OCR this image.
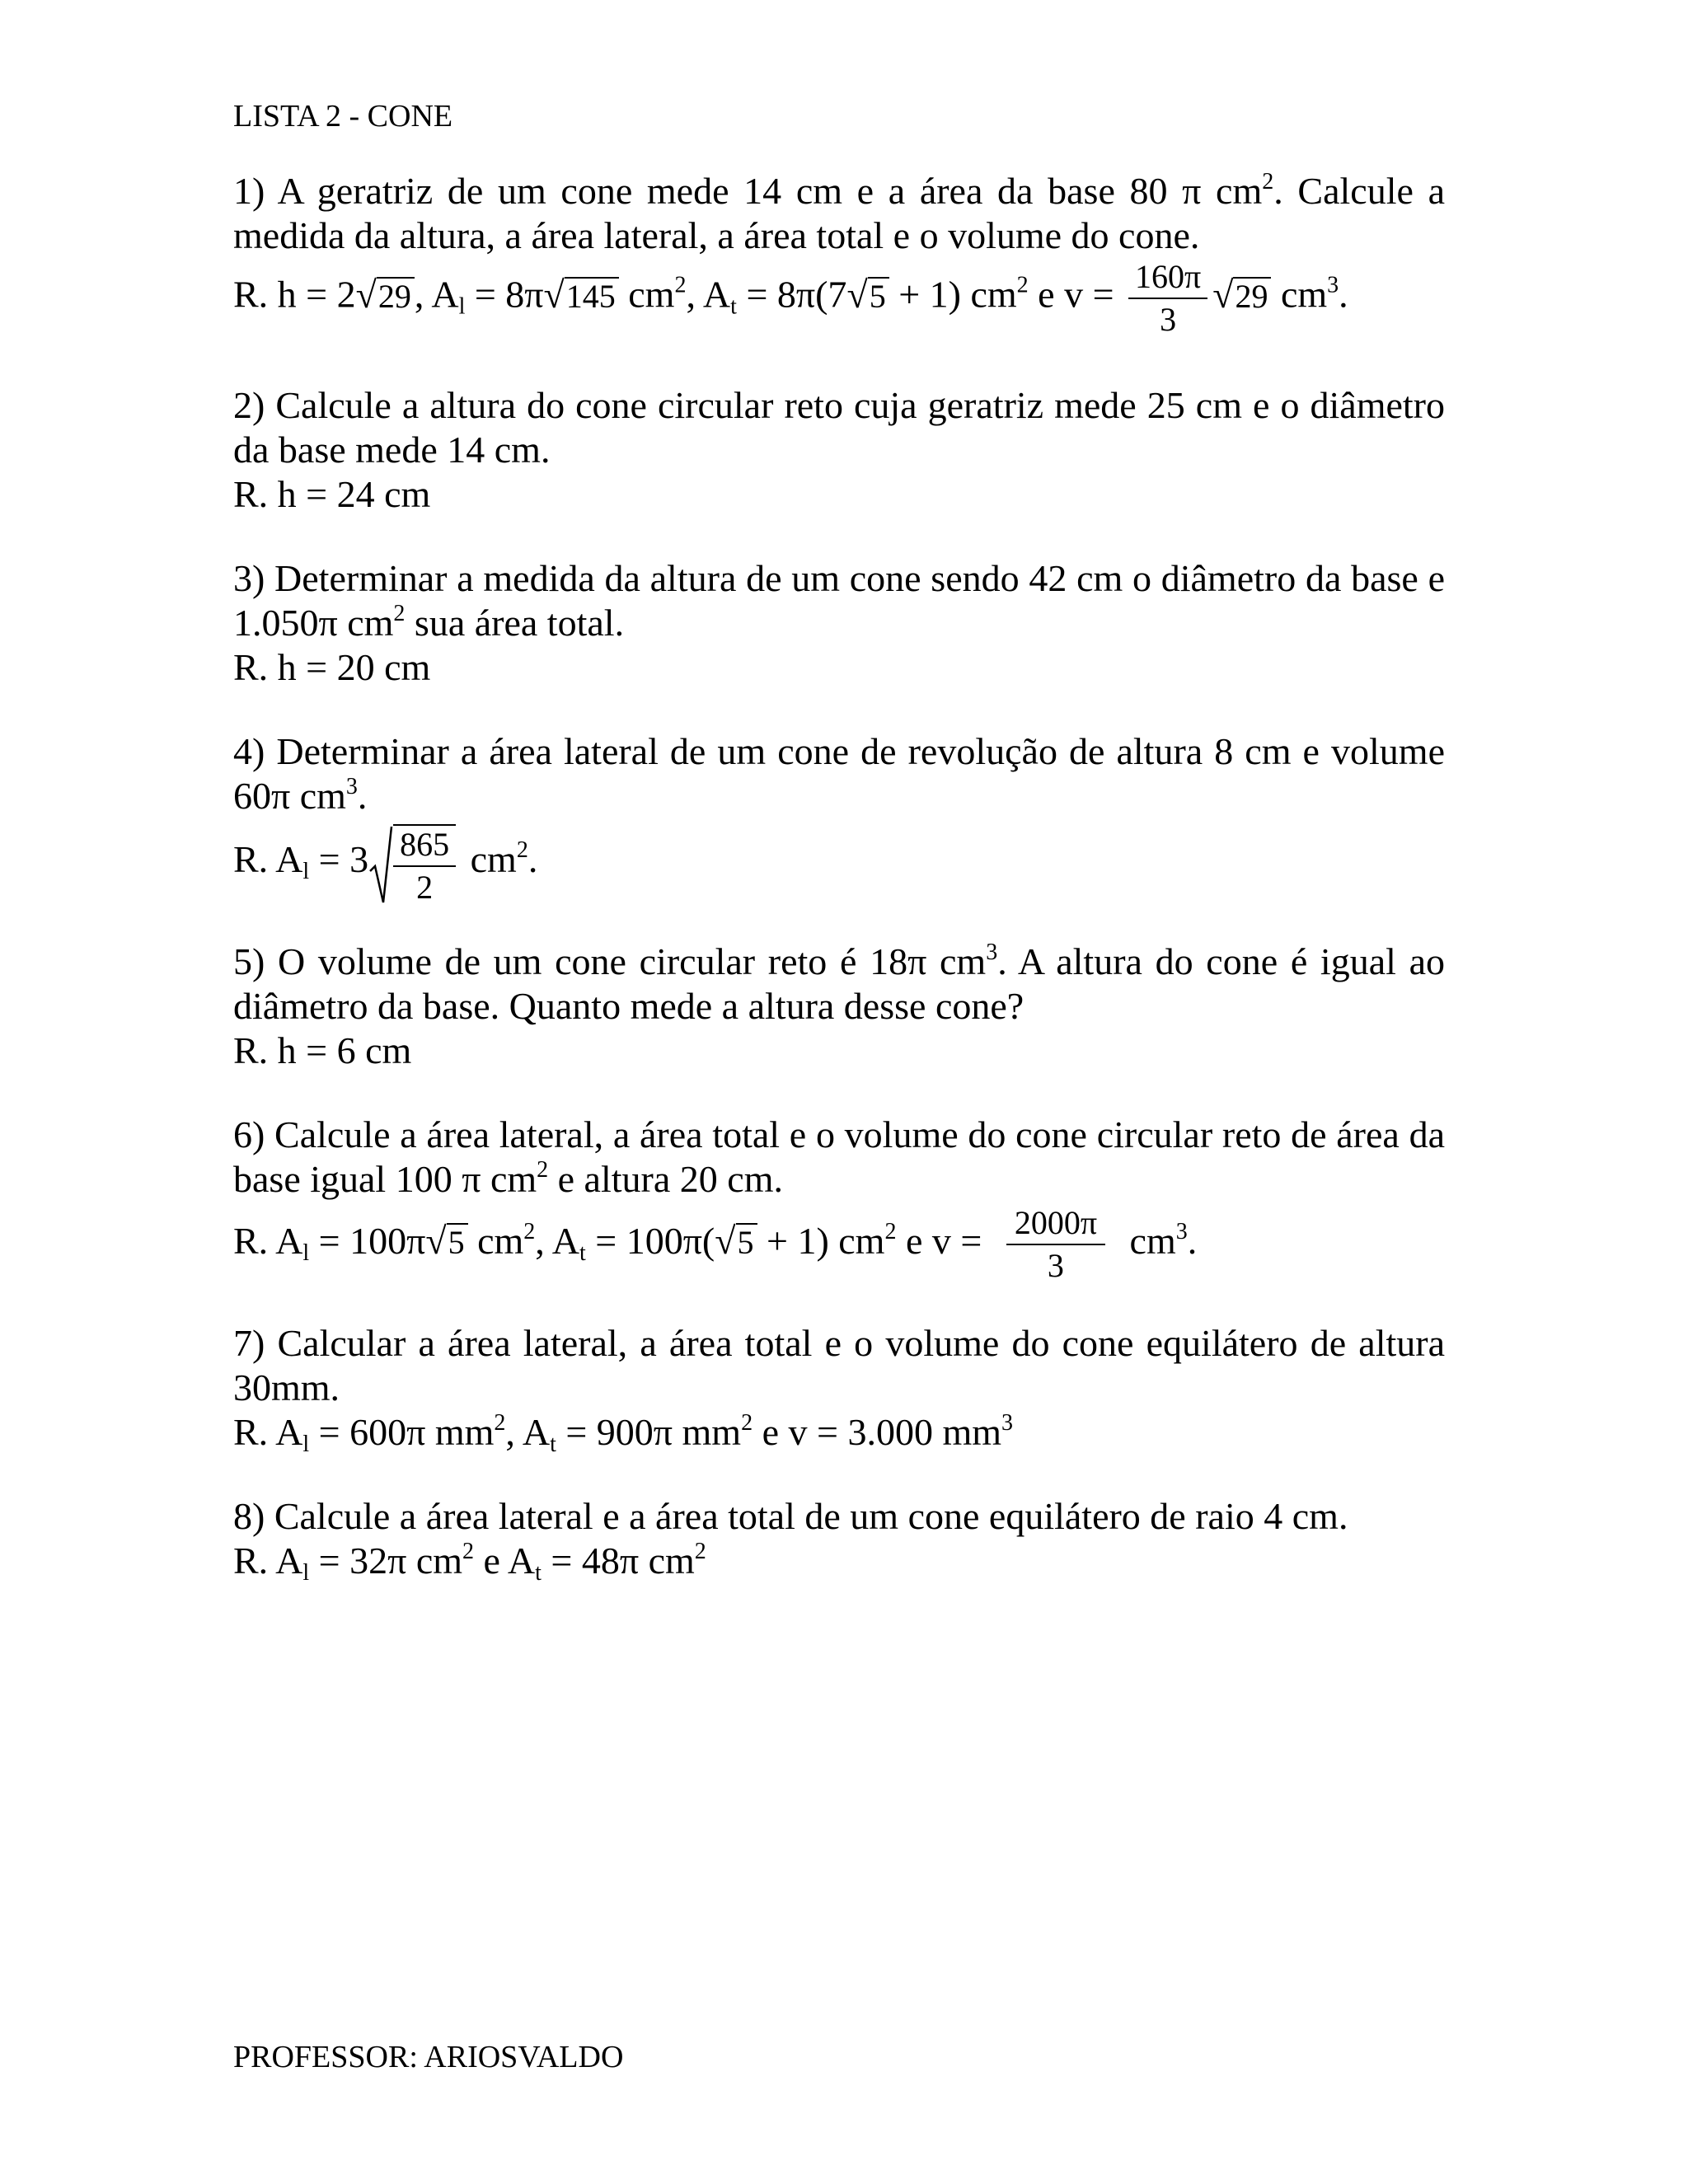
LISTA 2 - CONE

1) A geratriz de um cone mede 14 cm e a área da base 80 π $cm^2$. Calcule a medida da altura, a área lateral, a área total e o volume do cone.

R. h = 2√29, $A_l = 8\pi√145$ $cm^2$, $A_t = 8\pi(7√5 + 1)$ $cm^2$ e $v = \frac{160\pi}{3} √29$ $cm^3$.

2) Calcule a altura do cone circular reto cuja geratriz mede 25 cm e o diâmetro da base mede 14 cm.

R. h = 24 cm

3) Determinar a medida da altura de um cone sendo 42 cm o diâmetro da base e 1.050π $cm^2$ sua área total.

R. h = 20 cm

4) Determinar a área lateral de um cone de revolução de altura 8 cm e volume 60π $cm^3$.

R. $A_l = 3 \frac{865}{2} cm^2$.

5) O volume de um cone circular reto é 18π $cm^3$. A altura do cone é igual ao diâmetro da base. Quanto mede a altura desse cone?

R. h = 6 cm

6) Calcule a área lateral, a área total e o volume do cone circular reto de área da base igual 100 π $cm^2$ e altura 20 cm.

R. $A_l = 100\pi√5$ $cm^2$, $A_t = 100\pi(√5 + 1)$ $cm^2$ e $v = \frac{2000\pi}{3} cm^3$.

7) Calcular a área lateral, a área total e o volume do cone equilátero de altura 30mm.

R. $A_l = 600\pi$ $mm^2$, $A_t = 900\pi$ $mm^2$ e v = 3.000 $mm^3$

8) Calcule a área lateral e a área total de um cone equilátero de raio 4 cm.

R. $A_l = 32\pi$ $cm^2$ e $A_t = 48\pi$ $cm^2$

PROFESSOR: ARIOSVALDO
